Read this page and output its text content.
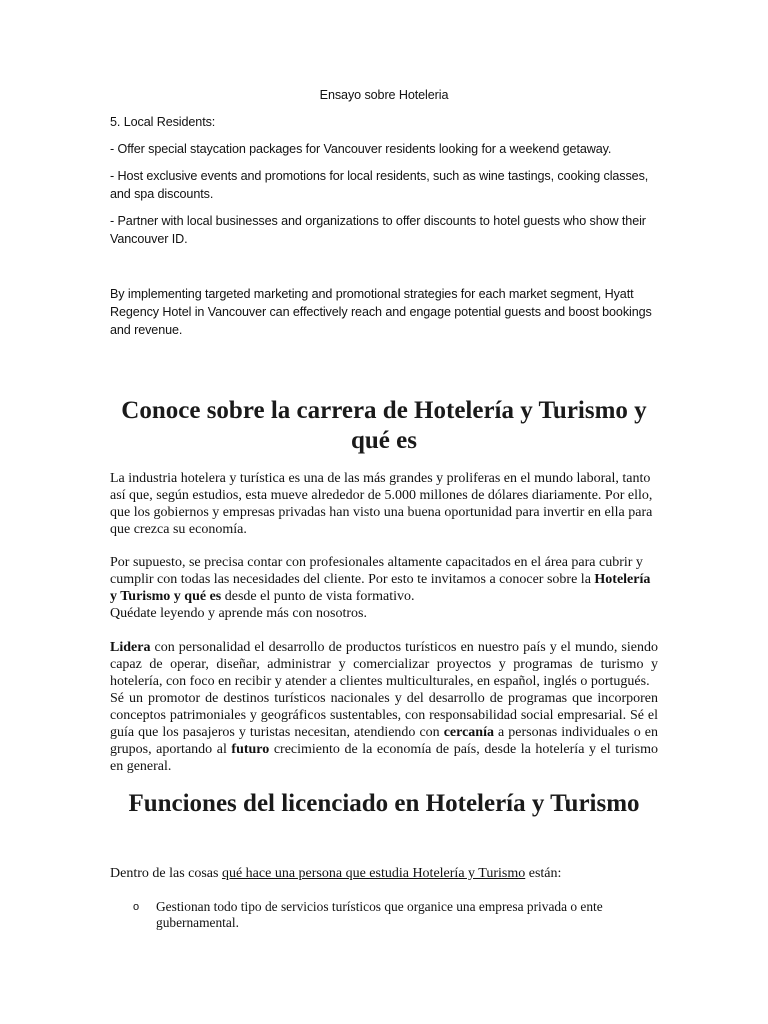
Ensayo sobre Hoteleria

5. Local Residents:

- Offer special staycation packages for Vancouver residents looking for a weekend getaway.

- Host exclusive events and promotions for local residents, such as wine tastings, cooking classes, and spa discounts.

- Partner with local businesses and organizations to offer discounts to hotel guests who show their Vancouver ID.

By implementing targeted marketing and promotional strategies for each market segment, Hyatt Regency Hotel in Vancouver can effectively reach and engage potential guests and boost bookings and revenue.

Conoce sobre la carrera de Hotelería y Turismo y qué es

La industria hotelera y turística es una de las más grandes y proliferas en el mundo laboral, tanto así que, según estudios, esta mueve alrededor de 5.000 millones de dólares diariamente. Por ello, que los gobiernos y empresas privadas han visto una buena oportunidad para invertir en ella para que crezca su economía.

Por supuesto, se precisa contar con profesionales altamente capacitados en el área para cubrir y cumplir con todas las necesidades del cliente. Por esto te invitamos a conocer sobre la Hotelería y Turismo y qué es desde el punto de vista formativo.
Quédate leyendo y aprende más con nosotros.

Lidera con personalidad el desarrollo de productos turísticos en nuestro país y el mundo, siendo capaz de operar, diseñar, administrar y comercializar proyectos y programas de turismo y hotelería, con foco en recibir y atender a clientes multiculturales, en español, inglés o portugués.
Sé un promotor de destinos turísticos nacionales y del desarrollo de programas que incorporen conceptos patrimoniales y geográficos sustentables, con responsabilidad social empresarial. Sé el guía que los pasajeros y turistas necesitan, atendiendo con cercanía a personas individuales o en grupos, aportando al futuro crecimiento de la economía de país, desde la hotelería y el turismo en general.

Funciones del licenciado en Hotelería y Turismo

Dentro de las cosas qué hace una persona que estudia Hotelería y Turismo están:

o Gestionan todo tipo de servicios turísticos que organice una empresa privada o ente gubernamental.
